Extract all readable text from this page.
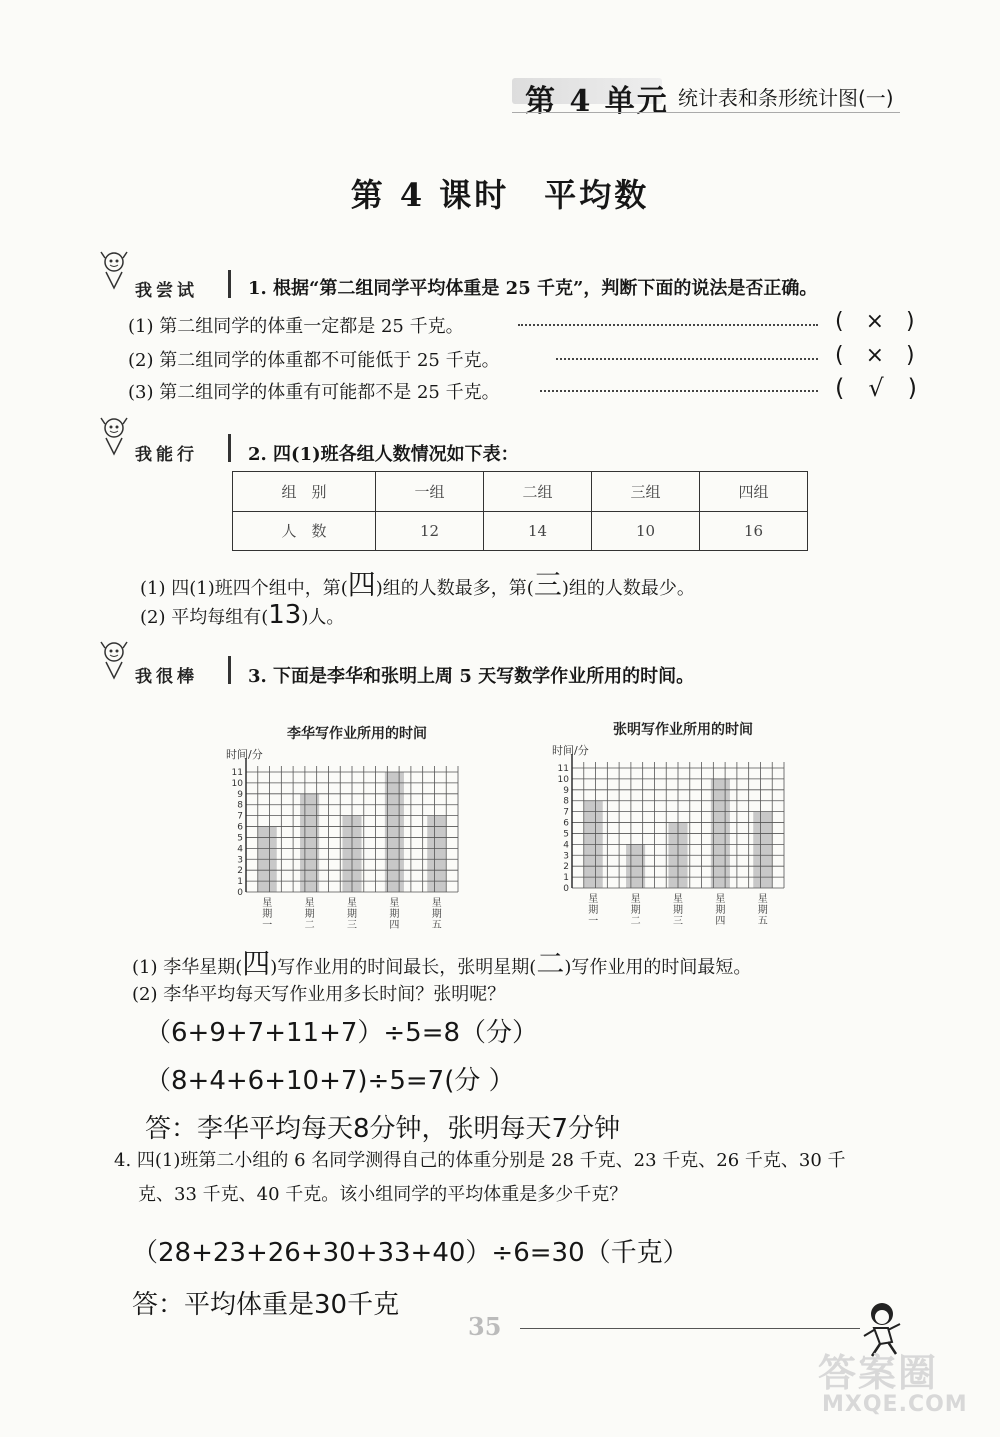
第 4 单元 统计表和条形统计图(一)
第 4 课时　平均数
我尝试	1. 根据“第二组同学平均体重是 25 千克”，判断下面的说法是否正确。
(1) 第二组同学的体重一定都是 25 千克。	(　×　)
(2) 第二组同学的体重都不可能低于 25 千克。	(　×　)
(3) 第二组同学的体重有可能都不是 25 千克。	(　√　)
我能行	2. 四(1)班各组人数情况如下表：
组　别	一组	二组	三组	四组
人　数	12	14	10	16
(1) 四(1)班四个组中，第(四)组的人数最多，第(三)组的人数最少。
(2) 平均每组有(13)人。
我很棒	3. 下面是李华和张明上周 5 天写数学作业所用的时间。
李华写作业所用的时间
时间/分
0
1
2
3
4
5
6
7
8
9
10
11
星
期
一
星
期
二
星
期
三
星
期
四
星
期
五
张明写作业所用的时间
时间/分
0
1
2
3
4
5
6
7
8
9
10
11
星
期
一
星
期
二
星
期
三
星
期
四
星
期
五
(1) 李华星期(四)写作业用的时间最长，张明星期(二)写作业用的时间最短。
(2) 李华平均每天写作业用多长时间？张明呢？
（6+9+7+11+7）÷5=8（分）
（8+4+6+10+7)÷5=7(分 ）
答：李华平均每天8分钟，张明每天7分钟
4. 四(1)班第二小组的 6 名同学测得自己的体重分别是 28 千克、23 千克、26 千克、30 千
克、33 千克、40 千克。该小组同学的平均体重是多少千克？
（28+23+26+30+33+40）÷6=30（千克）
答：平均体重是30千克
35
答案圈
MXQE.COM
